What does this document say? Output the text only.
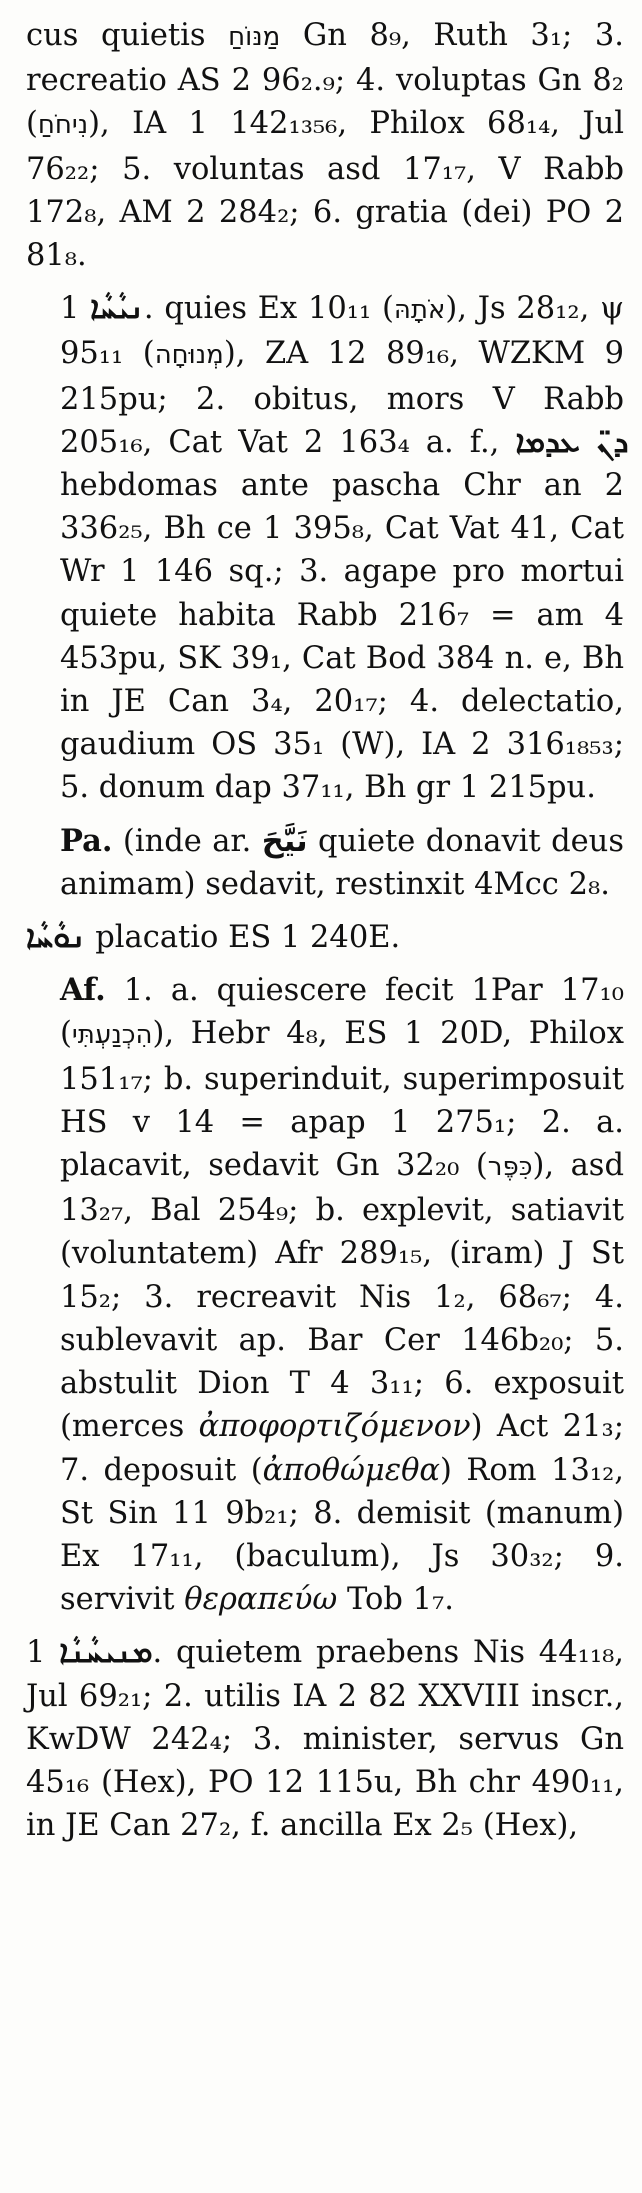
cus quietis מַנּוֹחַ Gn 8₉, Ruth 3₁; 3. recreatio AS 2 96₂.₉; 4. voluptas Gn 8₂ (נִיחֹחַ), IA 1 142₁₃₅₆, Philox 68₁₄, Jul 76₂₂; 5. voluntas asd 17₁₇, V Rabb 172₈, AM 2 284₂; 6. gratia (dei) PO 2 81₈.

ܢܝܵܚܵܐ 1. quies Ex 10₁₁ (אֹתָהּ), Js 28₁₂, ψ 95₁₁ (מְנוּחָה), ZA 12 89₁₆, WZKM 9 215pu; 2. obitus, mors V Rabb 205₁₆, Cat Vat 2 163₄ a. f., ܕܢ̈ ܥܕܡܐ hebdomas ante pascha Chr an 2 336₂₅, Bh ce 1 395₈, Cat Vat 41, Cat Wr 1 146 sq.; 3. agape pro mortui quiete habita Rabb 216₇ = am 4 453pu, SK 39₁, Cat Bod 384 n. e, Bh in JE Can 3₄, 20₁₇; 4. delectatio, gaudium OS 35₁ (W), IA 2 316₁₈₅₃; 5. donum dap 37₁₁, Bh gr 1 215pu.

Pa. (inde ar. نَيَّحَ quiete donavit deus animam) sedavit, restinxit 4Mcc 2₈.

ܢܘܵܚܵܐ placatio ES 1 240E.

Af. 1. a. quiescere fecit 1Par 17₁₀ (הִכְנַעְתִּי), Hebr 4₈, ES 1 20D, Philox 151₁₇; b. superinduit, superimposuit HS v 14 = apap 1 275₁; 2. a. placavit, sedavit Gn 32₂₀ (כִּפֶּר), asd 13₂₇, Bal 254₉; b. explevit, satiavit (voluntatem) Afr 289₁₅, (iram) J St 15₂; 3. recreavit Nis 1₂, 68₆₇; 4. sublevavit ap. Bar Cer 146b₂₀; 5. abstulit Dion T 4 3₁₁; 6. exposuit (merces ἀποφορτιζόμενον) Act 21₃; 7. deposuit (ἀποθώμεθα) Rom 13₁₂, St Sin 11 9b₂₁; 8. demisit (manum) Ex 17₁₁, (baculum), Js 30₃₂; 9. servivit θεραπεύω Tob 1₇.

ܡܢܝܚܵܢܵܐ 1. quietem praebens Nis 44₁₁₈, Jul 69₂₁; 2. utilis IA 2 82 XXVIII inscr., KwDW 242₄; 3. minister, servus Gn 45₁₆ (Hex), PO 12 115u, Bh chr 490₁₁, in JE Can 27₂, f. ancilla Ex 2₅ (Hex),
